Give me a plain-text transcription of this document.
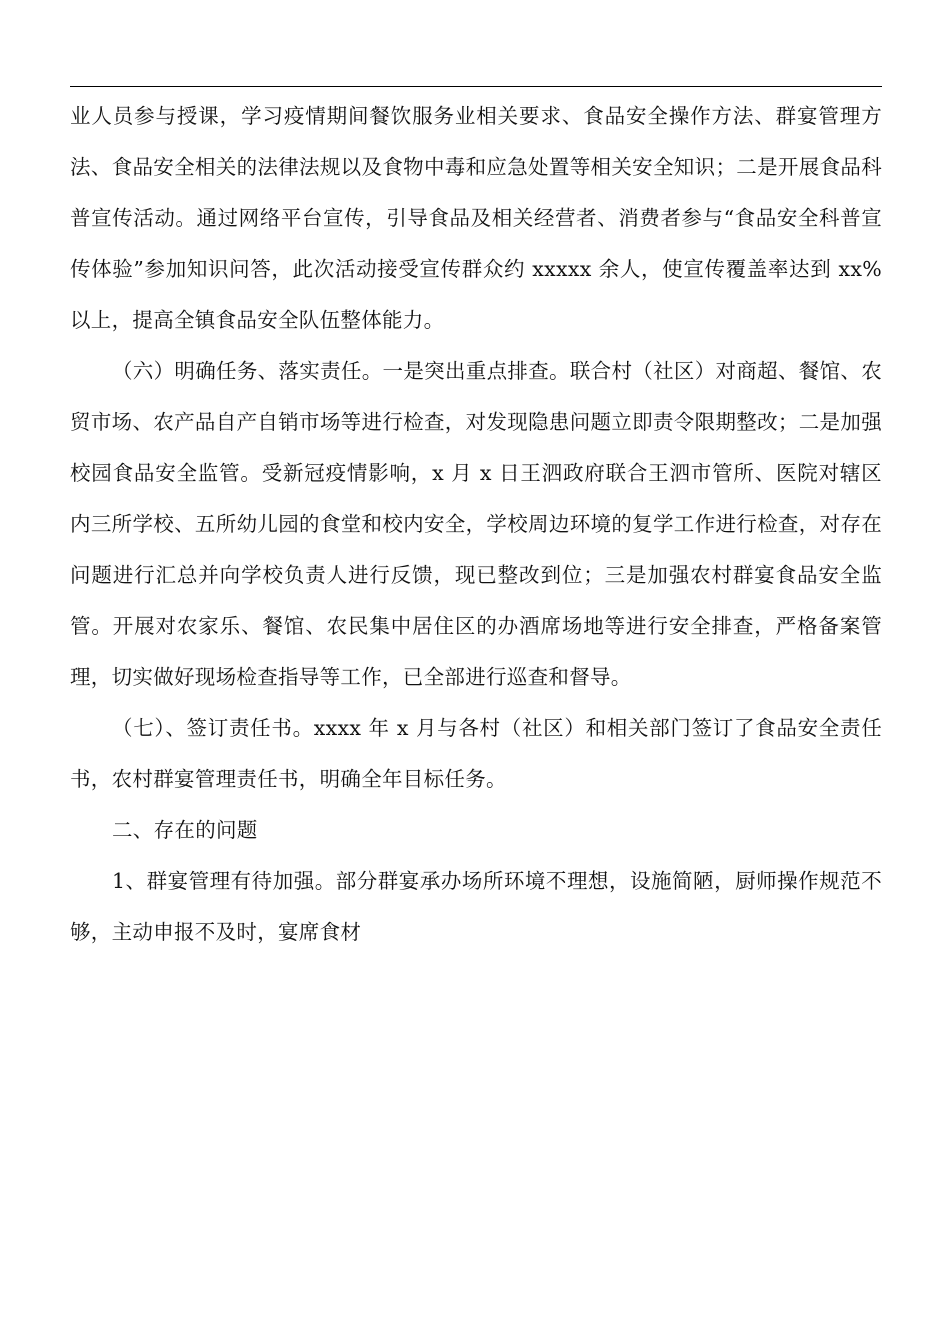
业人员参与授课，学习疫情期间餐饮服务业相关要求、食品安全操作方法、群宴管理方法、食品安全相关的法律法规以及食物中毒和应急处置等相关安全知识；二是开展食品科普宣传活动。通过网络平台宣传，引导食品及相关经营者、消费者参与“食品安全科普宣传体验”参加知识问答，此次活动接受宣传群众约 xxxxx 余人，使宣传覆盖率达到 xx%以上，提高全镇食品安全队伍整体能力。

（六）明确任务、落实责任。一是突出重点排查。联合村（社区）对商超、餐馆、农贸市场、农产品自产自销市场等进行检查，对发现隐患问题立即责令限期整改；二是加强校园食品安全监管。受新冠疫情影响，x 月 x 日王泗政府联合王泗市管所、医院对辖区内三所学校、五所幼儿园的食堂和校内安全，学校周边环境的复学工作进行检查，对存在问题进行汇总并向学校负责人进行反馈，现已整改到位；三是加强农村群宴食品安全监管。开展对农家乐、餐馆、农民集中居住区的办酒席场地等进行安全排查，严格备案管理，切实做好现场检查指导等工作，已全部进行巡查和督导。

（七）、签订责任书。xxxx 年 x 月与各村（社区）和相关部门签订了食品安全责任书，农村群宴管理责任书，明确全年目标任务。

二、存在的问题

1、群宴管理有待加强。部分群宴承办场所环境不理想，设施简陋，厨师操作规范不够，主动申报不及时，宴席食材
